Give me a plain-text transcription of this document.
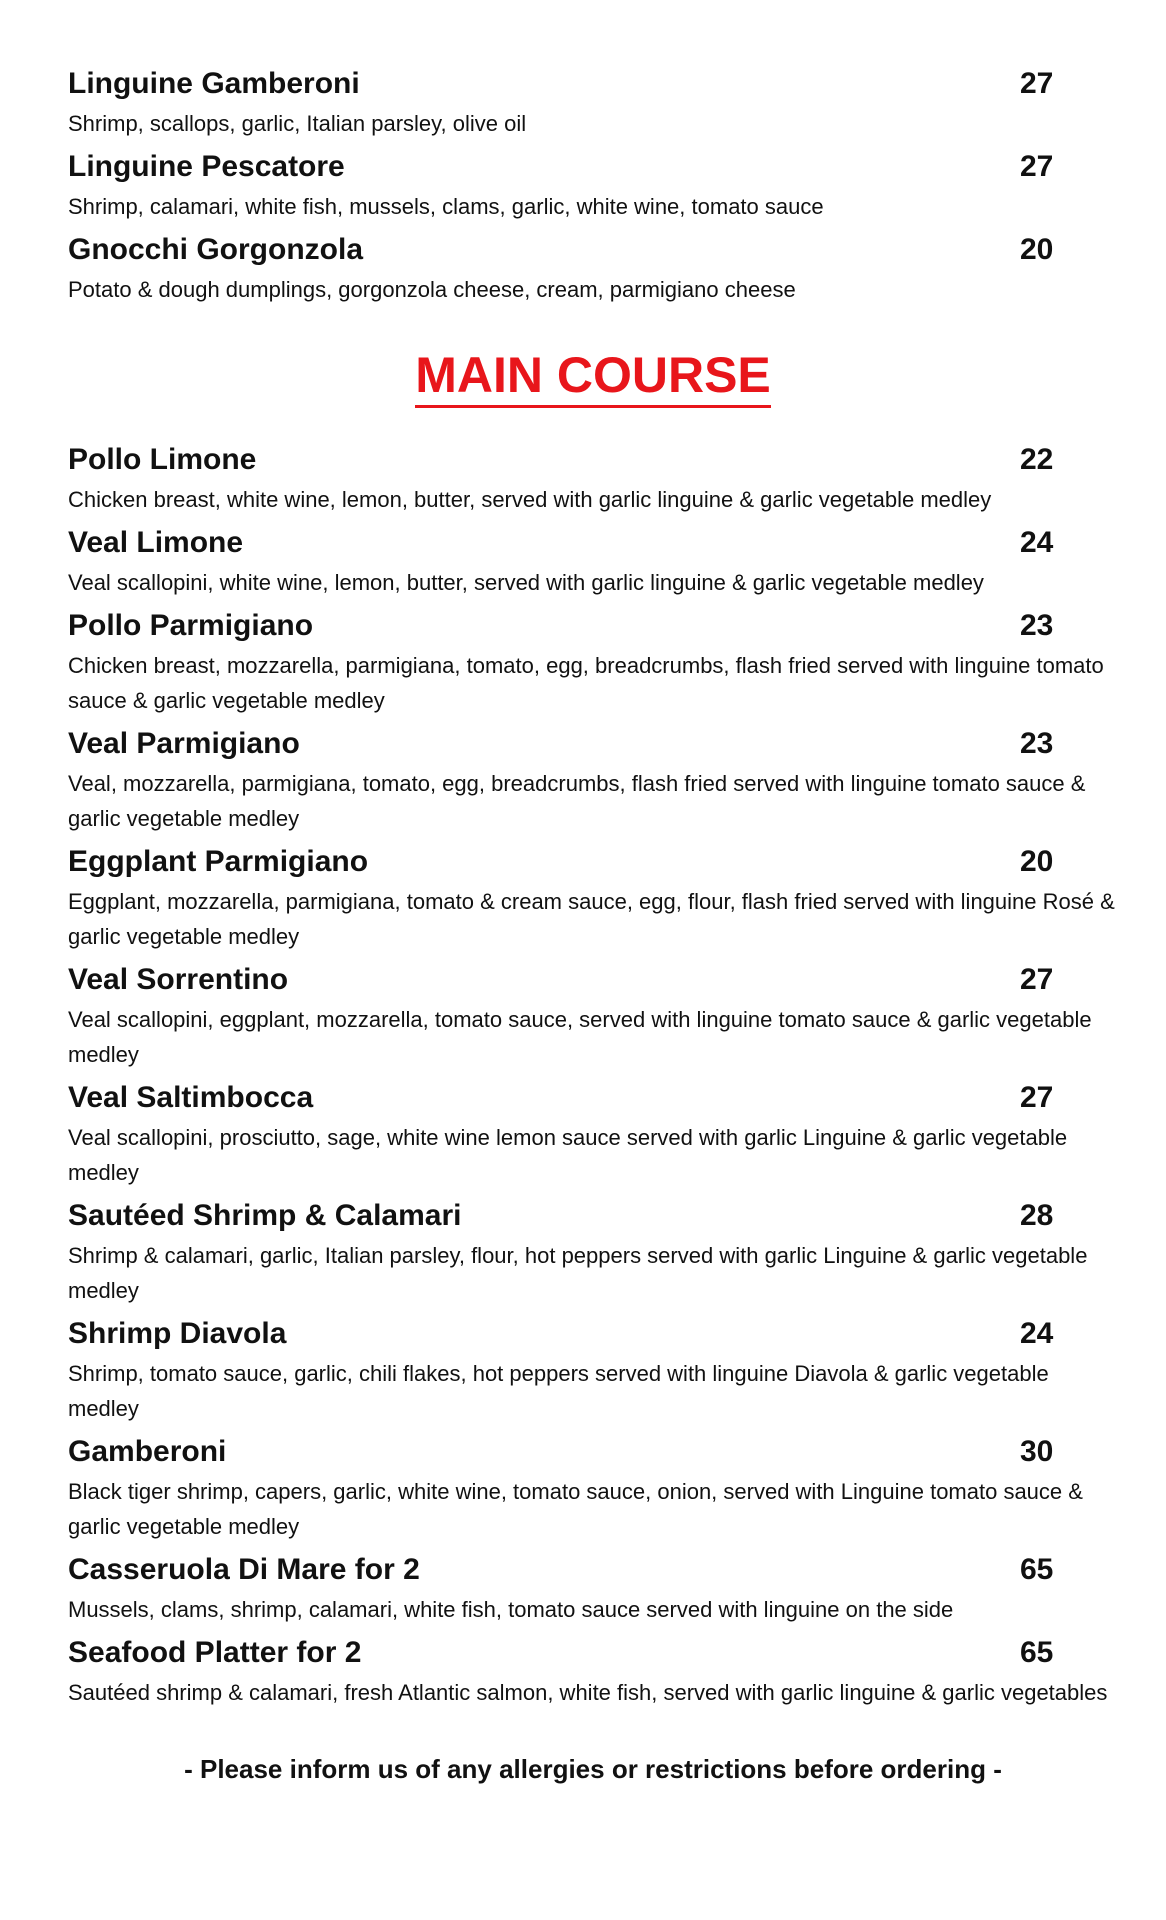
Linguine Gamberoni	27
Shrimp, scallops, garlic, Italian parsley, olive oil
Linguine Pescatore	27
Shrimp, calamari, white fish, mussels, clams, garlic, white wine, tomato sauce
Gnocchi Gorgonzola	20
Potato & dough dumplings, gorgonzola cheese, cream, parmigiano cheese
MAIN COURSE
Pollo Limone	22
Chicken breast, white wine, lemon, butter, served with garlic linguine & garlic vegetable medley
Veal Limone	24
Veal scallopini, white wine, lemon, butter, served with garlic linguine & garlic vegetable medley
Pollo Parmigiano	23
Chicken breast, mozzarella, parmigiana, tomato, egg, breadcrumbs, flash fried served with linguine tomato sauce & garlic vegetable medley
Veal Parmigiano	23
Veal, mozzarella, parmigiana, tomato, egg, breadcrumbs, flash fried served with linguine tomato sauce & garlic vegetable medley
Eggplant Parmigiano	20
Eggplant, mozzarella, parmigiana, tomato & cream sauce, egg, flour, flash fried served with linguine Rosé & garlic vegetable medley
Veal Sorrentino	27
Veal scallopini, eggplant, mozzarella, tomato sauce, served with linguine tomato sauce & garlic vegetable medley
Veal Saltimbocca	27
Veal scallopini, prosciutto, sage, white wine lemon sauce served with garlic Linguine & garlic vegetable medley
Sautéed Shrimp & Calamari	28
Shrimp & calamari, garlic, Italian parsley, flour, hot peppers served with garlic Linguine & garlic vegetable medley
Shrimp Diavola	24
Shrimp, tomato sauce, garlic, chili flakes, hot peppers served with linguine Diavola & garlic vegetable medley
Gamberoni	30
Black tiger shrimp, capers, garlic, white wine, tomato sauce, onion, served with Linguine tomato sauce & garlic vegetable medley
Casseruola Di Mare for 2	65
Mussels, clams, shrimp, calamari, white fish, tomato sauce served with linguine on the side
Seafood Platter for 2	65
Sautéed shrimp & calamari, fresh Atlantic salmon, white fish, served with garlic linguine & garlic vegetables
- Please inform us of any allergies or restrictions before ordering -
